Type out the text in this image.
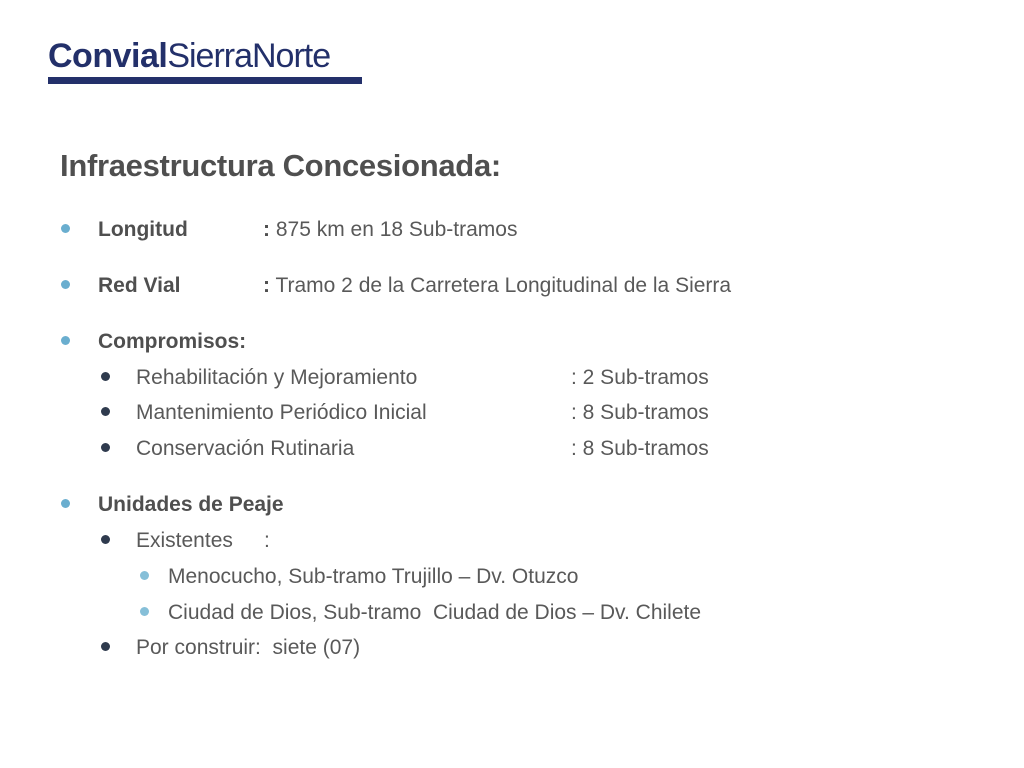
ConvialSierraNorte
Infraestructura Concesionada:
Longitud	: 875 km en 18 Sub-tramos
Red Vial	: Tramo 2 de la Carretera Longitudinal de la Sierra
Compromisos:
Rehabilitación y Mejoramiento	: 2 Sub-tramos
Mantenimiento Periódico Inicial	: 8 Sub-tramos
Conservación Rutinaria	: 8 Sub-tramos
Unidades de Peaje
Existentes :
Menocucho, Sub-tramo Trujillo – Dv. Otuzco
Ciudad de Dios, Sub-tramo  Ciudad de Dios – Dv. Chilete
Por construir:  siete (07)
